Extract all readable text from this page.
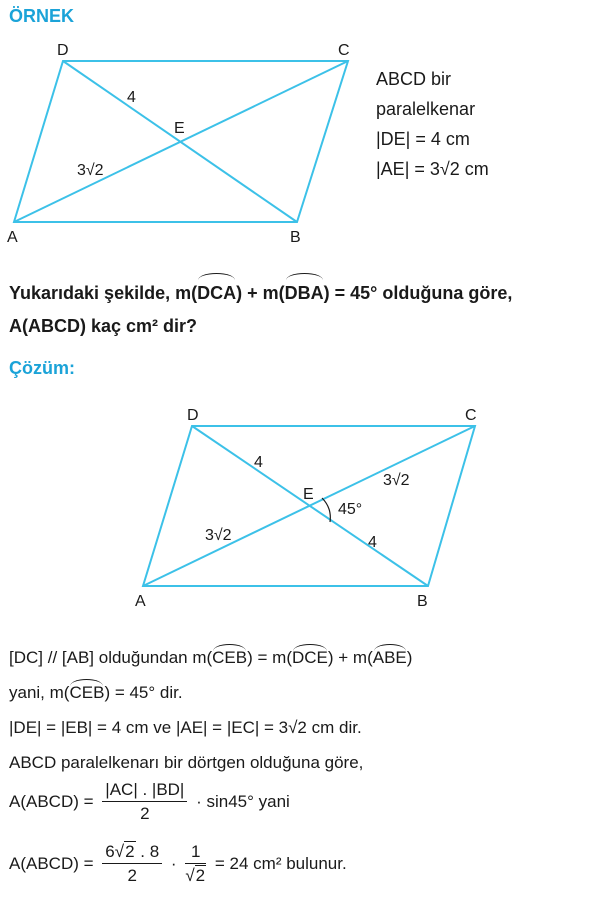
ÖRNEK
D	C
A	B
E
4
3√2
ABCD bir
paralelkenar
|DE| = 4 cm
|AE| = 3√2 cm
Yukarıdaki şekilde, m(DCA) + m(DBA) = 45° olduğuna göre,
A(ABCD) kaç cm² dir?
Çözüm:
D	C
A	B
E
4
4
3√2
3√2
45°
[DC] // [AB] olduğundan m(CEB) = m(DCE) + m(ABE)
yani, m(CEB) = 45° dir.
|DE| = |EB| = 4 cm ve |AE| = |EC| = 3√2 cm dir.
ABCD paralelkenarı bir dörtgen olduğuna göre,
A(ABCD) = $\frac{|AC| . |BD|}{2} \cdot \sin 45^\circ$ yani
A(ABCD) = $\frac{6√2 . 8}{2} \cdot \frac{1}{√2} = 24$ cm² bulunur.
